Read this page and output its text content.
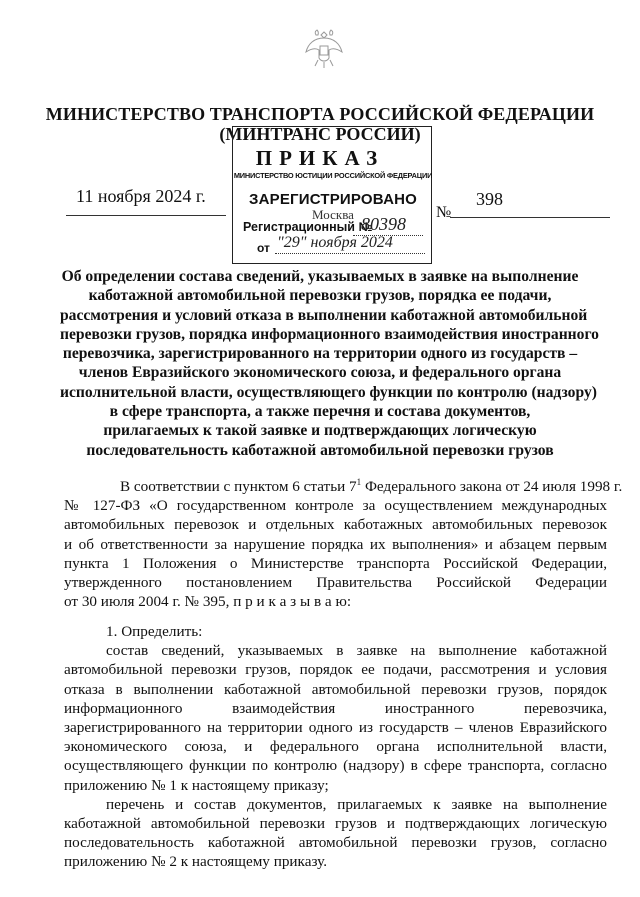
МИНИСТЕРСТВО ТРАНСПОРТА РОССИЙСКОЙ ФЕДЕРАЦИИ
(МИНТРАНС РОССИИ)
ПРИКАЗ
11 ноября 2024 г.
№
398
МИНИСТЕРСТВО ЮСТИЦИИ РОССИЙСКОЙ ФЕДЕРАЦИИ
ЗАРЕГИСТРИРОВАНО
Москва
Регистрационный №
80398
от "29" ноября 2024
Об определении состава сведений, указываемых в заявке на выполнение
каботажной автомобильной перевозки грузов, порядка ее подачи,
рассмотрения и условий отказа в выполнении каботажной автомобильной
перевозки грузов, порядка информационного взаимодействия иностранного
перевозчика, зарегистрированного на территории одного из государств –
членов Евразийского экономического союза, и федерального органа
исполнительной власти, осуществляющего функции по контролю (надзору)
в сфере транспорта, а также перечня и состава документов,
прилагаемых к такой заявке и подтверждающих логическую
последовательность каботажной автомобильной перевозки грузов
В соответствии с пунктом 6 статьи $7^1$ Федерального закона от 24 июля 1998 г.
№ 127-ФЗ «О государственном контроле за осуществлением международных
автомобильных перевозок и отдельных каботажных автомобильных перевозок
и об ответственности за нарушение порядка их выполнения» и абзацем первым
пункта 1 Положения о Министерстве транспорта Российской Федерации,
утвержденного постановлением Правительства Российской Федерации
от 30 июля 2004 г. № 395, п р и к а з ы в а ю:
1. Определить:
состав сведений, указываемых в заявке на выполнение каботажной
автомобильной перевозки грузов, порядок ее подачи, рассмотрения и условия
отказа в выполнении каботажной автомобильной перевозки грузов, порядок
информационного взаимодействия иностранного перевозчика,
зарегистрированного на территории одного из государств – членов Евразийского
экономического союза, и федерального органа исполнительной власти,
осуществляющего функции по контролю (надзору) в сфере транспорта, согласно
приложению № 1 к настоящему приказу;
перечень и состав документов, прилагаемых к заявке на выполнение
каботажной автомобильной перевозки грузов и подтверждающих логическую
последовательность каботажной автомобильной перевозки грузов, согласно
приложению № 2 к настоящему приказу.
